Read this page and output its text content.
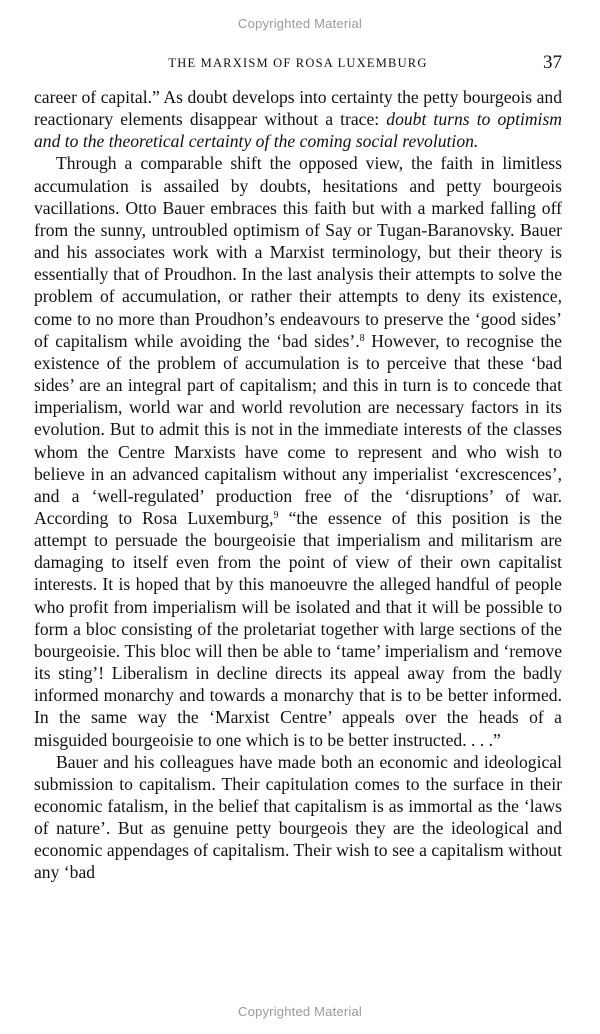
Copyrighted Material
THE MARXISM OF ROSA LUXEMBURG	37

career of capital.” As doubt develops into certainty the petty bourgeois and reactionary elements disappear without a trace: doubt turns to optimism and to the theoretical certainty of the coming social revolution.

Through a comparable shift the opposed view, the faith in limitless accumulation is assailed by doubts, hesitations and petty bourgeois vacillations. Otto Bauer embraces this faith but with a marked falling off from the sunny, untroubled optimism of Say or Tugan-Baranovsky. Bauer and his associates work with a Marxist terminology, but their theory is essentially that of Proudhon. In the last analysis their attempts to solve the problem of accumulation, or rather their attempts to deny its existence, come to no more than Proudhon’s endeavours to preserve the ‘good sides’ of capitalism while avoiding the ‘bad sides’.$^8$ However, to recognise the existence of the problem of accumulation is to perceive that these ‘bad sides’ are an integral part of capitalism; and this in turn is to concede that imperialism, world war and world revolution are necessary factors in its evolution. But to admit this is not in the immediate interests of the classes whom the Centre Marxists have come to represent and who wish to believe in an advanced capitalism without any imperialist ‘excrescences’, and a ‘well-regulated’ production free of the ‘disruptions’ of war. According to Rosa Luxemburg,$^9$ “the essence of this position is the attempt to persuade the bourgeoisie that imperialism and militarism are damaging to itself even from the point of view of their own capitalist interests. It is hoped that by this manoeuvre the alleged handful of people who profit from imperialism will be isolated and that it will be possible to form a bloc consisting of the proletariat together with large sections of the bourgeoisie. This bloc will then be able to ‘tame’ imperialism and ‘remove its sting’! Liberalism in decline directs its appeal away from the badly informed monarchy and towards a monarchy that is to be better informed. In the same way the ‘Marxist Centre’ appeals over the heads of a misguided bourgeoisie to one which is to be better instructed. . . .”

Bauer and his colleagues have made both an economic and ideological submission to capitalism. Their capitulation comes to the surface in their economic fatalism, in the belief that capitalism is as immortal as the ‘laws of nature’. But as genuine petty bourgeois they are the ideological and economic appendages of capitalism. Their wish to see a capitalism without any ‘bad

Copyrighted Material
